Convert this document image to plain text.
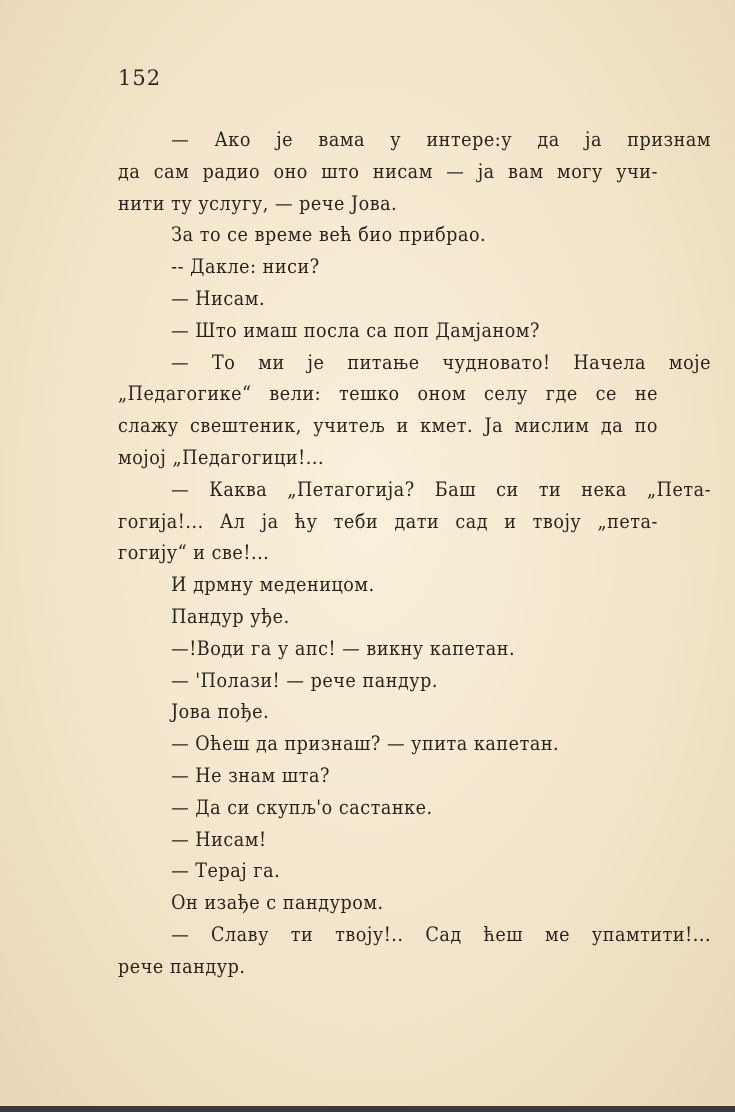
152
— Ако је вама у интере:у да ја признам
да сам радио оно што нисам — ја вам могу учи-
нити ту услугу, — рече Јова.
За то се време већ био прибрао.
-- Дакле: ниси?
— Нисам.
— Што имаш посла са поп Дамјаном?
— То ми је питање чудновато! Начела моје
„Педагогике“ вели: тешко оном селу где се не
слажу свештеник, учитељ и кмет. Ја мислим да по
мојој „Педагогици!...
— Каква „Петагогија? Баш си ти нека „Пета-
гогија!... Ал ја ћу теби дати сад и твоју „пета-
гогију“ и све!...
И дрмну меденицом.
Пандур уђе.
—!Води га у апс! — викну капетан.
— 'Полази! — рече пандур.
Јова пође.
— Оћеш да признаш? — упита капетан.
— Не знам шта?
— Да си скупљ'о састанке.
— Нисам!
— Терај га.
Он изађе с пандуром.
— Славу ти твоју!.. Сад ћеш ме упамтити!...
рече пандур.
